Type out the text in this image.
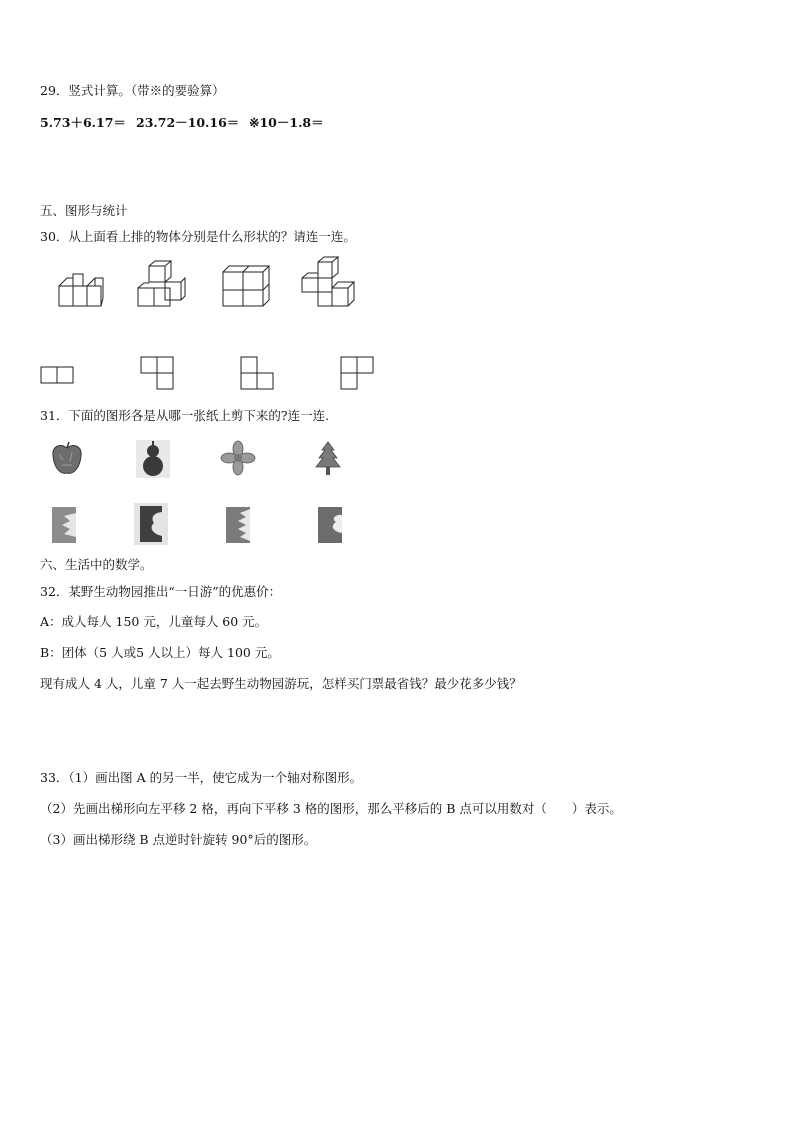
29．竖式计算。（带※的要验算）
5.73＋6.17＝ 23.72－10.16＝ ※10－1.8＝
五、图形与统计
30．从上面看上排的物体分别是什么形状的？请连一连。
31．下面的图形各是从哪一张纸上剪下来的?连一连.
六、生活中的数学。
32．某野生动物园推出“一日游”的优惠价：
A：成人每人 150 元，儿童每人 60 元。
B：团体（5 人或5 人以上）每人 100 元。
现有成人 4 人，儿童 7 人一起去野生动物园游玩，怎样买门票最省钱？最少花多少钱？
33．（1）画出图 A 的另一半，使它成为一个轴对称图形。
（2）先画出梯形向左平移 2 格，再向下平移 3 格的图形，那么平移后的 B 点可以用数对（　　）表示。
（3）画出梯形绕 B 点逆时针旋转 90°后的图形。
